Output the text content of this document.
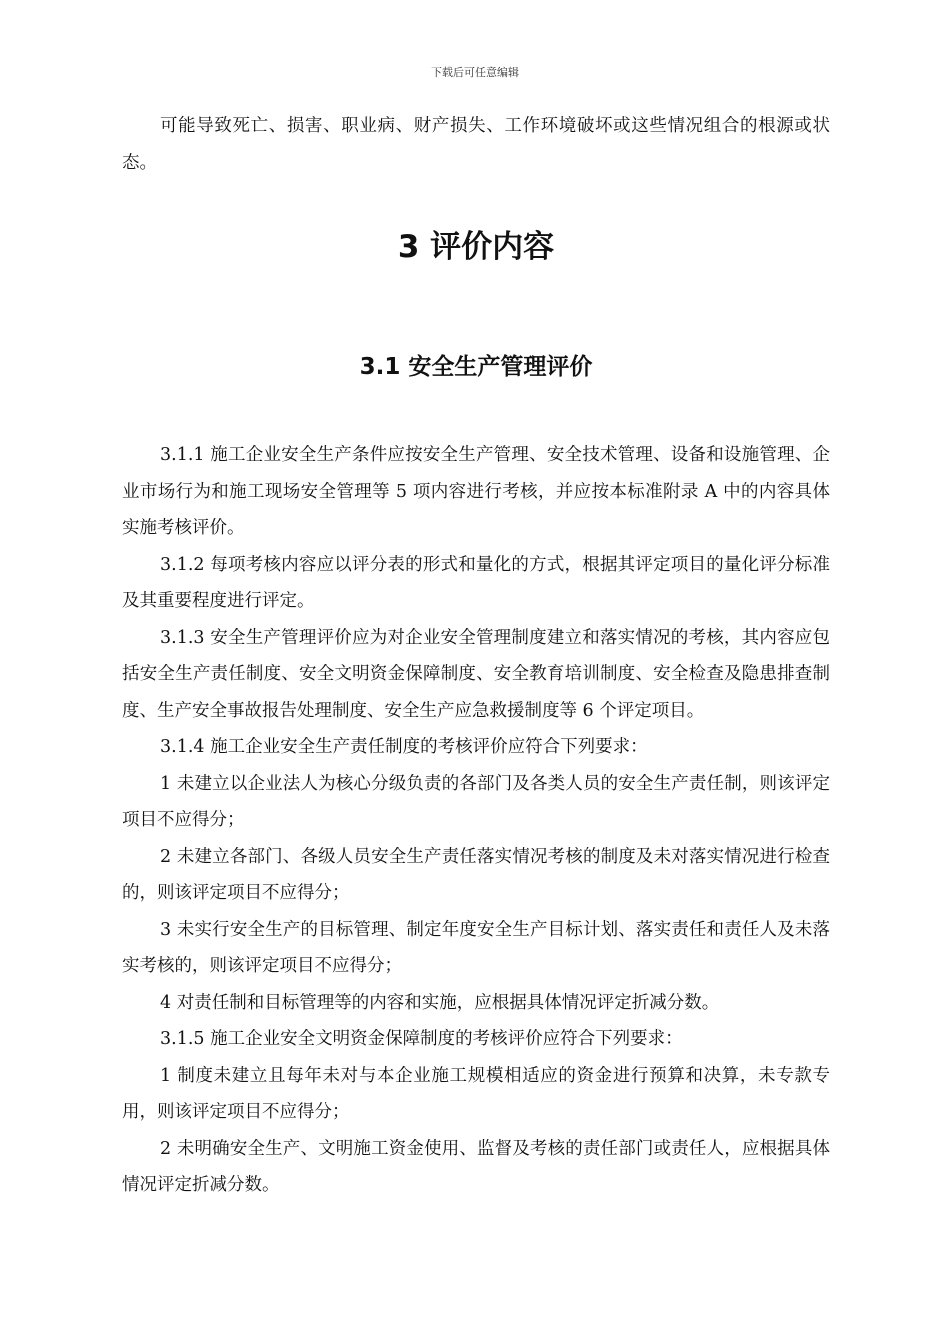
下载后可任意编辑

可能导致死亡、损害、职业病、财产损失、工作环境破坏或这些情况组合的根源或状态。

3 评价内容
3.1 安全生产管理评价

3.1.1 施工企业安全生产条件应按安全生产管理、安全技术管理、设备和设施管理、企业市场行为和施工现场安全管理等 5 项内容进行考核，并应按本标准附录 A 中的内容具体实施考核评价。

3.1.2 每项考核内容应以评分表的形式和量化的方式，根据其评定项目的量化评分标准及其重要程度进行评定。

3.1.3 安全生产管理评价应为对企业安全管理制度建立和落实情况的考核，其内容应包括安全生产责任制度、安全文明资金保障制度、安全教育培训制度、安全检查及隐患排查制度、生产安全事故报告处理制度、安全生产应急救援制度等 6 个评定项目。

3.1.4 施工企业安全生产责任制度的考核评价应符合下列要求：

1 未建立以企业法人为核心分级负责的各部门及各类人员的安全生产责任制，则该评定项目不应得分；

2 未建立各部门、各级人员安全生产责任落实情况考核的制度及未对落实情况进行检查的，则该评定项目不应得分；

3 未实行安全生产的目标管理、制定年度安全生产目标计划、落实责任和责任人及未落实考核的，则该评定项目不应得分；

4 对责任制和目标管理等的内容和实施，应根据具体情况评定折减分数。

3.1.5 施工企业安全文明资金保障制度的考核评价应符合下列要求：

1 制度未建立且每年未对与本企业施工规模相适应的资金进行预算和决算，未专款专用，则该评定项目不应得分；

2 未明确安全生产、文明施工资金使用、监督及考核的责任部门或责任人，应根据具体情况评定折减分数。
